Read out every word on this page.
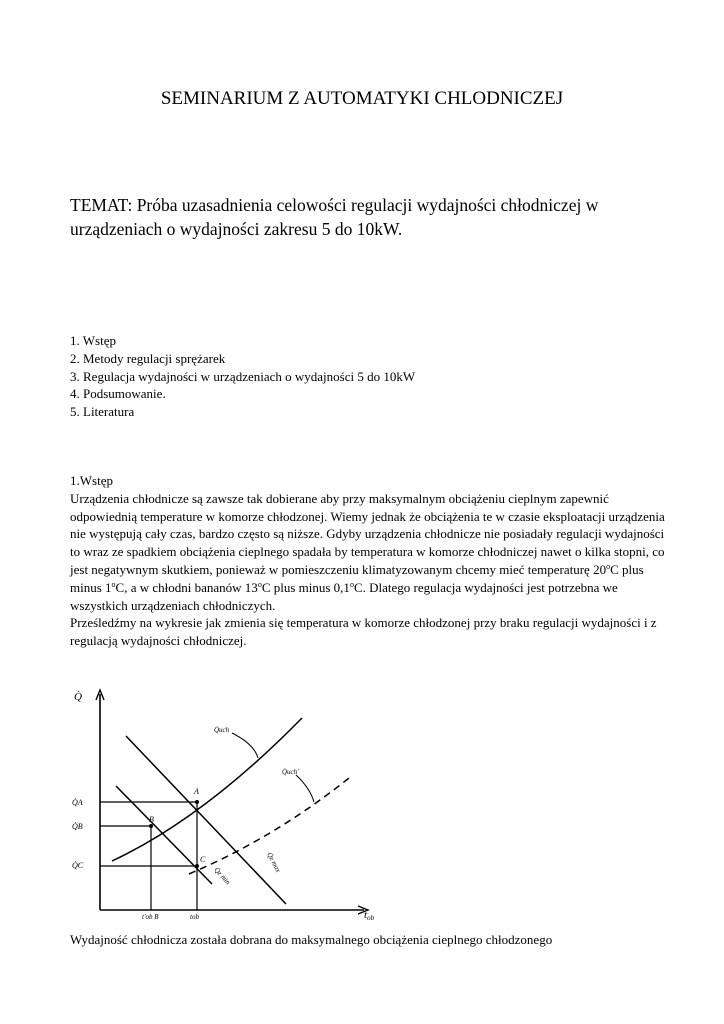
SEMINARIUM Z AUTOMATYKI CHLODNICZEJ
TEMAT: Próba uzasadnienia celowości regulacji wydajności chłodniczej w urządzeniach o wydajności zakresu 5 do 10kW.
1. Wstęp
2. Metody regulacji sprężarek
3. Regulacja wydajności w urządzeniach o wydajności 5 do 10kW
4. Podsumowanie.
5. Literatura

1.Wstęp

Urządzenia chłodnicze są zawsze tak dobierane aby przy maksymalnym obciążeniu cieplnym zapewnić odpowiednią temperature w komorze chłodzonej. Wiemy jednak że obciążenia te w czasie eksploatacji urządzenia nie występują cały czas, bardzo często są niższe. Gdyby urządzenia chłodnicze nie posiadały regulacji wydajności to wraz ze spadkiem obciążenia cieplnego spadała by temperatura w komorze chłodniczej nawet o kilka stopni, co jest negatywnym skutkiem, ponieważ w pomieszczeniu klimatyzowanym chcemy mieć temperaturę 20$^o$C plus minus 1$^o$C, a w chłodni bananów 13$^o$C plus minus 0,1$^o$C. Dlatego regulacja wydajności jest potrzebna we wszystkich urządzeniach chłodniczych.

Prześledźmy na wykresie jak zmienia się temperatura w komorze chłodzonej przy braku regulacji wydajności i z regulacją wydajności chłodniczej.

Q̇
tob
Q̇A
Q̇B
Q̇C
t'ob B	tob
A
B
C
Q̇uch
Q̇uch'
Q̇z max
Q̇z min
Wydajność chłodnicza została dobrana do maksymalnego obciążenia cieplnego chłodzonego
